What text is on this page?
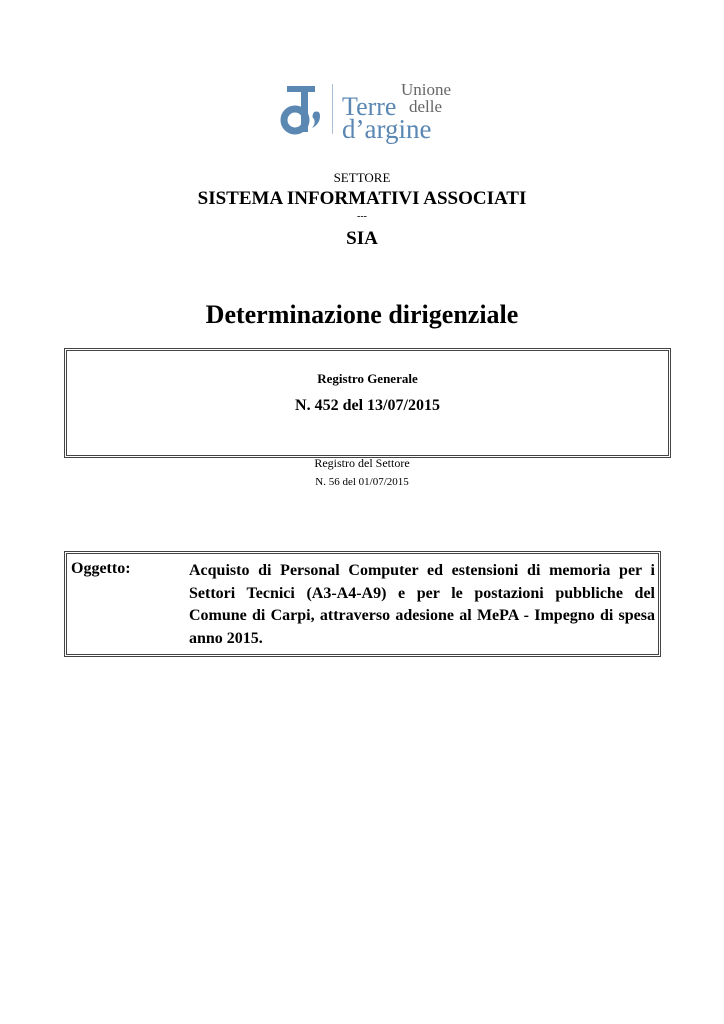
Unione
delle
Terre
d’argine
SETTORE
SISTEMA INFORMATIVI ASSOCIATI
---
SIA
Determinazione dirigenziale
Registro Generale
N. 452 del 13/07/2015
Registro del Settore
N. 56 del 01/07/2015
Oggetto:	Acquisto di Personal Computer ed estensioni di memoria per i Settori Tecnici (A3-A4-A9) e per le postazioni pubbliche del Comune di Carpi, attraverso adesione al MePA - Impegno di spesa anno 2015.
